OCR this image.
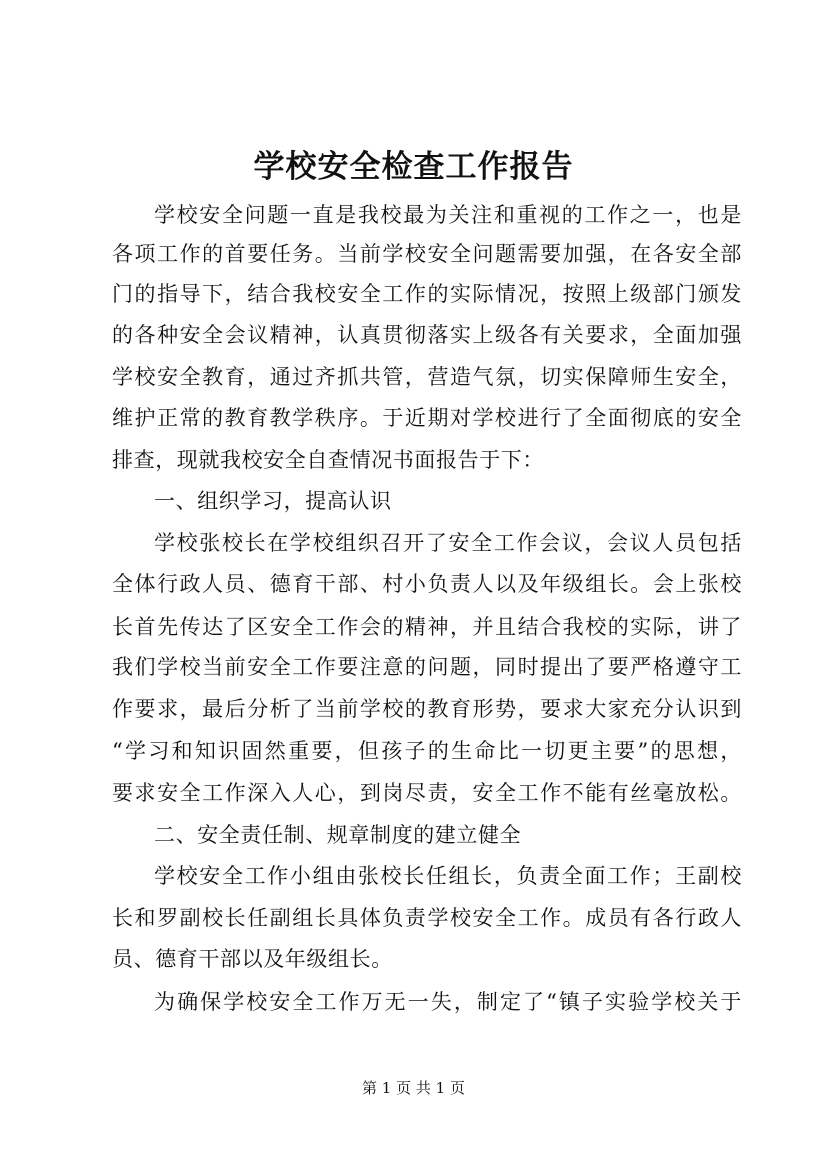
学校安全检查工作报告
学校安全问题一直是我校最为关注和重视的工作之一，也是
各项工作的首要任务。当前学校安全问题需要加强，在各安全部
门的指导下，结合我校安全工作的实际情况，按照上级部门颁发
的各种安全会议精神，认真贯彻落实上级各有关要求，全面加强
学校安全教育，通过齐抓共管，营造气氛，切实保障师生安全，
维护正常的教育教学秩序。于近期对学校进行了全面彻底的安全
排查，现就我校安全自查情况书面报告于下：
一、组织学习，提高认识
学校张校长在学校组织召开了安全工作会议，会议人员包括
全体行政人员、德育干部、村小负责人以及年级组长。会上张校
长首先传达了区安全工作会的精神，并且结合我校的实际，讲了
我们学校当前安全工作要注意的问题，同时提出了要严格遵守工
作要求，最后分析了当前学校的教育形势，要求大家充分认识到
“学习和知识固然重要，但孩子的生命比一切更主要”的思想，
要求安全工作深入人心，到岗尽责，安全工作不能有丝毫放松。
二、安全责任制、规章制度的建立健全
学校安全工作小组由张校长任组长，负责全面工作；王副校
长和罗副校长任副组长具体负责学校安全工作。成员有各行政人
员、德育干部以及年级组长。
为确保学校安全工作万无一失，制定了“镇子实验学校关于
第 1 页 共 1 页
